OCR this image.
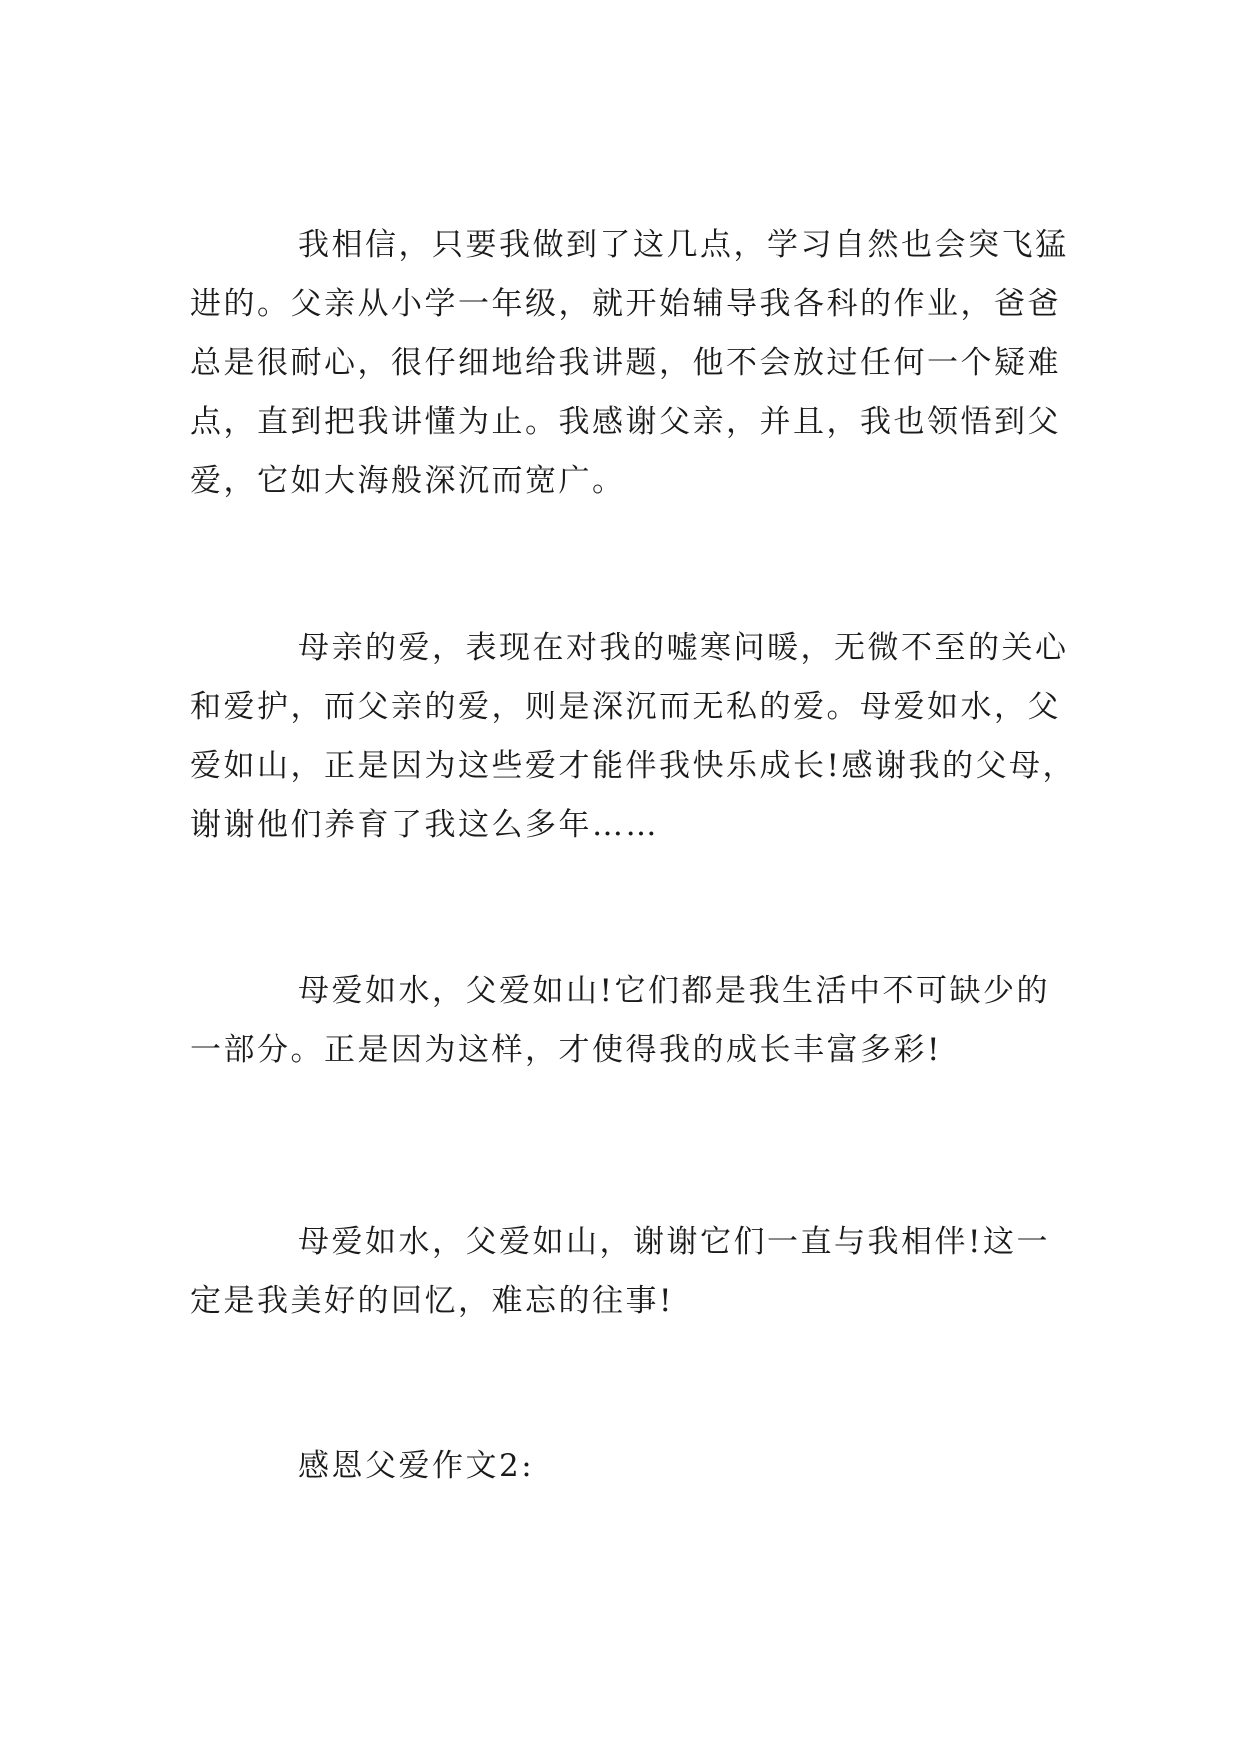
我相信，只要我做到了这几点，学习自然也会突飞猛
进的。父亲从小学一年级，就开始辅导我各科的作业，爸爸
总是很耐心，很仔细地给我讲题，他不会放过任何一个疑难
点，直到把我讲懂为止。我感谢父亲，并且，我也领悟到父
爱，它如大海般深沉而宽广。
母亲的爱，表现在对我的嘘寒问暖，无微不至的关心
和爱护，而父亲的爱，则是深沉而无私的爱。母爱如水，父
爱如山，正是因为这些爱才能伴我快乐成长!感谢我的父母，
谢谢他们养育了我这么多年……
母爱如水，父爱如山!它们都是我生活中不可缺少的
一部分。正是因为这样，才使得我的成长丰富多彩!
母爱如水，父爱如山，谢谢它们一直与我相伴!这一
定是我美好的回忆，难忘的往事!

感恩父爱作文2:
